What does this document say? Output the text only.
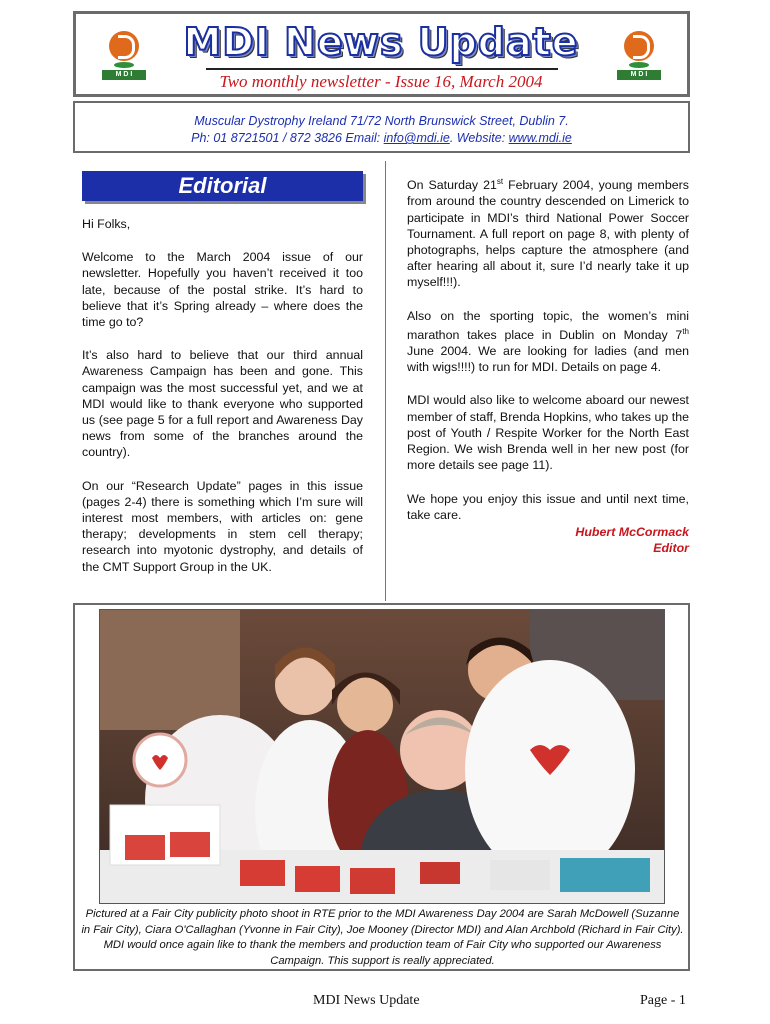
M D I
MDI News Update
Two monthly newsletter - Issue 16, March 2004	M D I
Muscular Dystrophy Ireland 71/72 North Brunswick Street, Dublin 7.
Ph: 01 8721501 / 872 3826 Email: info@mdi.ie. Website: www.mdi.ie
Editorial

Hi Folks,

Welcome to the March 2004 issue of our newsletter. Hopefully you haven’t received it too late, because of the postal strike. It’s hard to believe that it’s Spring already – where does the time go to?

It’s also hard to believe that our third annual Awareness Campaign has been and gone. This campaign was the most successful yet, and we at MDI would like to thank everyone who supported us (see page 5 for a full report and Awareness Day news from some of the branches around the country).

On our “Research Update” pages in this issue (pages 2-4) there is something which I’m sure will interest most members, with articles on: gene therapy; developments in stem cell therapy; research into myotonic dystrophy, and details of the CMT Support Group in the UK.

On Saturday 21st February 2004, young members from around the country descended on Limerick to participate in MDI’s third National Power Soccer Tournament. A full report on page 8, with plenty of photographs, helps capture the atmosphere (and after hearing all about it, sure I’d nearly take it up myself!!!).

Also on the sporting topic, the women’s mini marathon takes place in Dublin on Monday 7th June 2004. We are looking for ladies (and men with wigs!!!!) to run for MDI. Details on page 4.

MDI would also like to welcome aboard our newest member of staff, Brenda Hopkins, who takes up the post of Youth / Respite Worker for the North East Region. We wish Brenda well in her new post (for more details see page 11).

We hope you enjoy this issue and until next time, take care.

Hubert McCormack
Editor
Pictured at a Fair City publicity photo shoot in RTE prior to the MDI Awareness Day 2004 are Sarah McDowell (Suzanne in Fair City), Ciara O'Callaghan (Yvonne in Fair City), Joe Mooney (Director MDI) and Alan Archbold (Richard in Fair City). MDI would once again like to thank the members and production team of Fair City who supported our Awareness Campaign. This support is really appreciated.
MDI News Update	Page - 1
